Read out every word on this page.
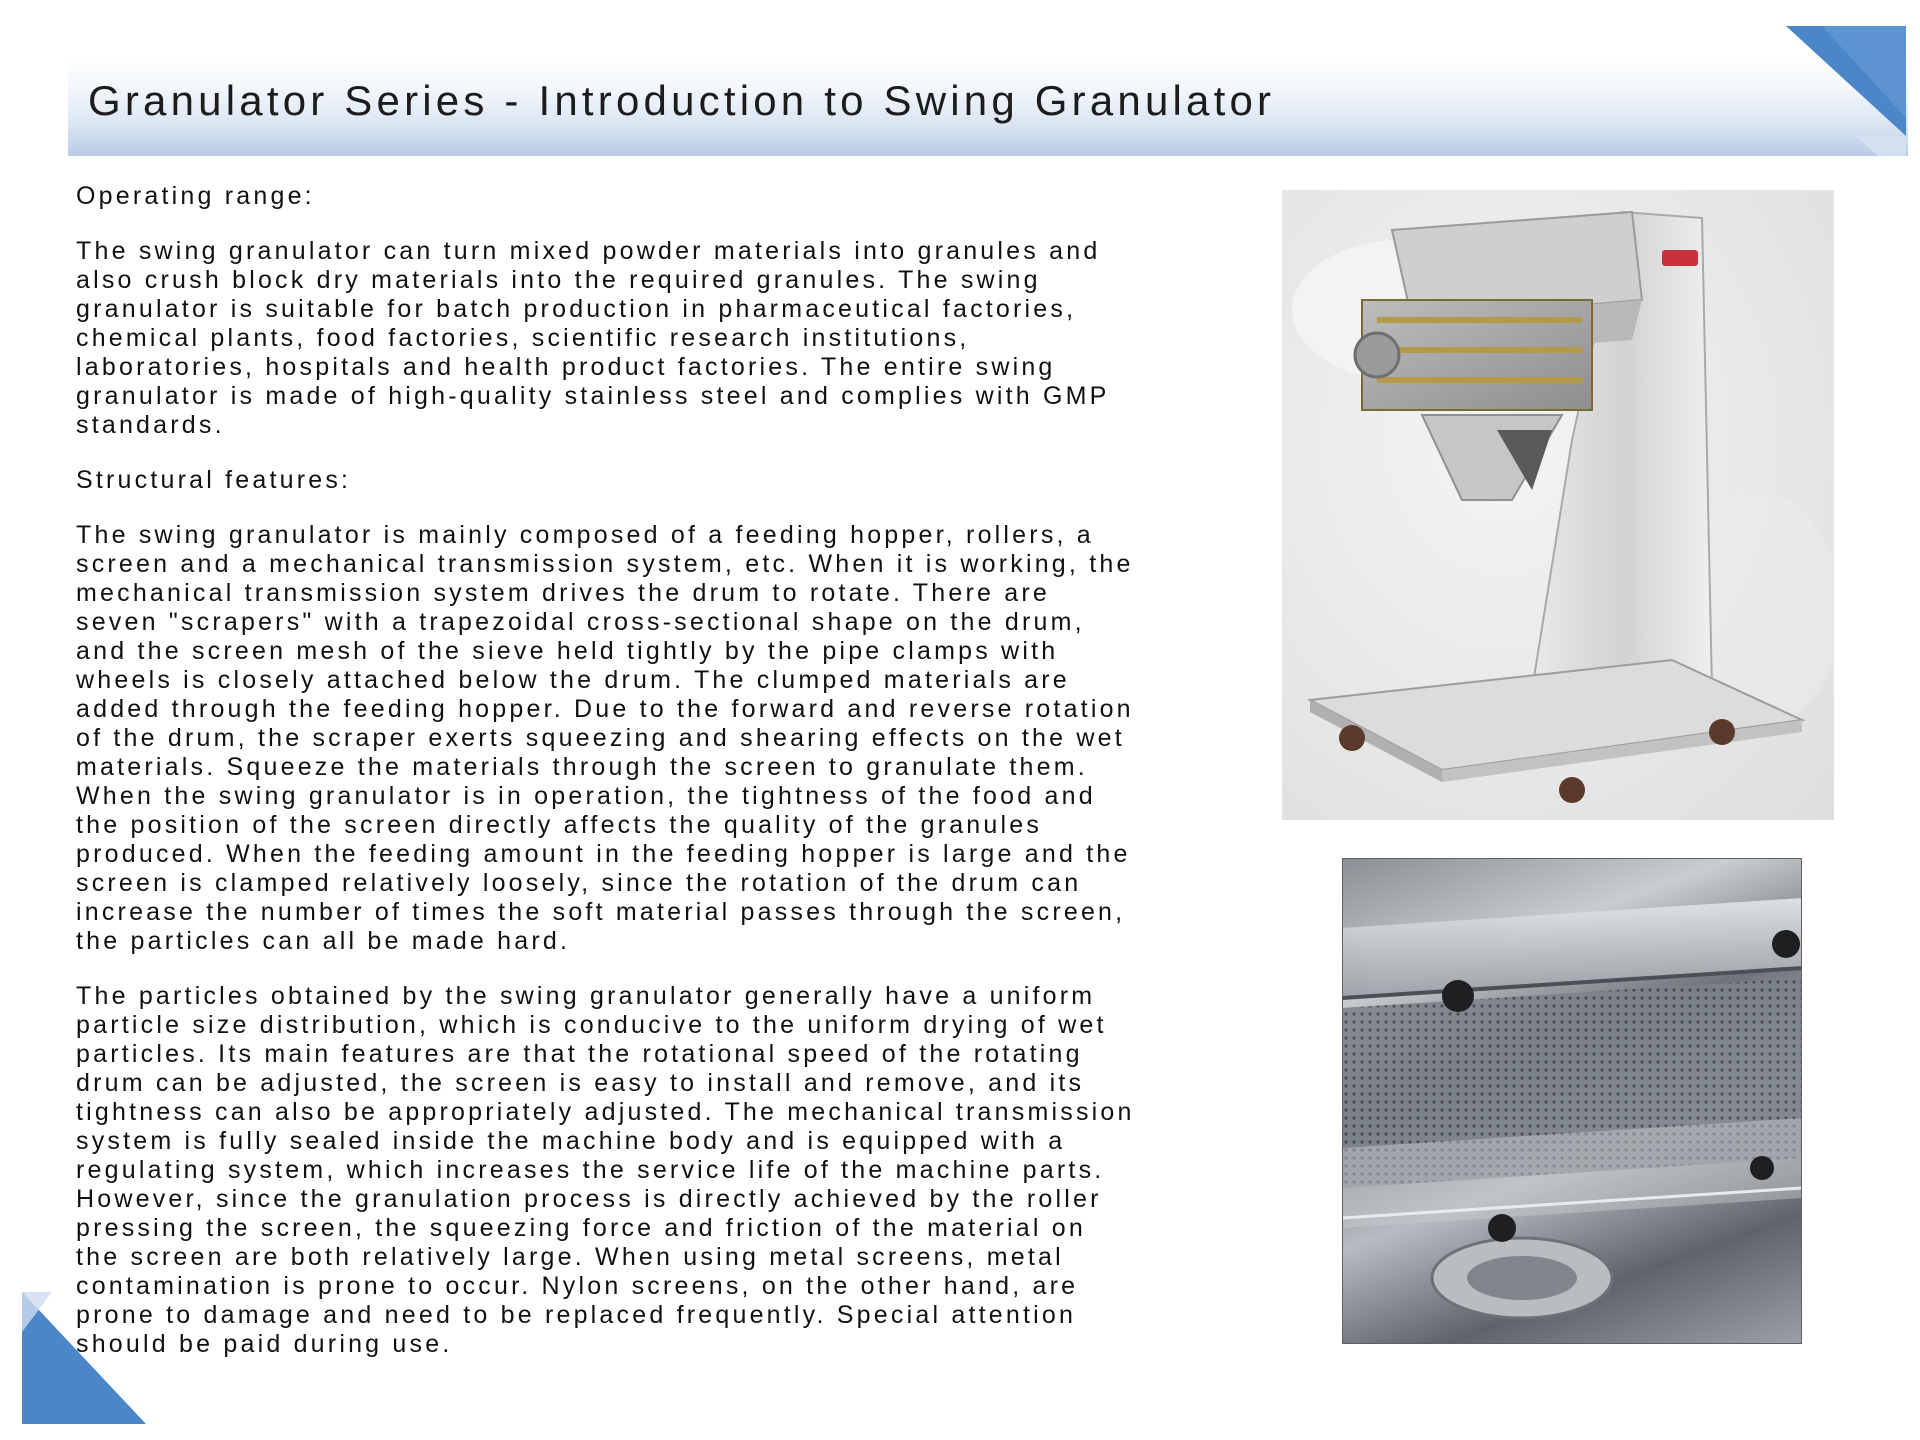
Granulator Series - Introduction to Swing Granulator
Operating range:
The swing granulator can turn mixed powder materials into granules and
also crush block dry materials into the required granules. The swing
granulator is suitable for batch production in pharmaceutical factories,
chemical plants, food factories, scientific research institutions,
laboratories, hospitals and health product factories. The entire swing
granulator is made of high-quality stainless steel and complies with GMP
standards.
Structural features:
The swing granulator is mainly composed of a feeding hopper, rollers, a
screen and a mechanical transmission system, etc. When it is working, the
mechanical transmission system drives the drum to rotate. There are
seven "scrapers" with a trapezoidal cross-sectional shape on the drum,
and the screen mesh of the sieve held tightly by the pipe clamps with
wheels is closely attached below the drum. The clumped materials are
added through the feeding hopper. Due to the forward and reverse rotation
of the drum, the scraper exerts squeezing and shearing effects on the wet
materials. Squeeze the materials through the screen to granulate them.
When the swing granulator is in operation, the tightness of the food and
the position of the screen directly affects the quality of the granules
produced. When the feeding amount in the feeding hopper is large and the
screen is clamped relatively loosely, since the rotation of the drum can
increase the number of times the soft material passes through the screen,
the particles can all be made hard.
The particles obtained by the swing granulator generally have a uniform
particle size distribution, which is conducive to the uniform drying of wet
particles. Its main features are that the rotational speed of the rotating
drum can be adjusted, the screen is easy to install and remove, and its
tightness can also be appropriately adjusted. The mechanical transmission
system is fully sealed inside the machine body and is equipped with a
regulating system, which increases the service life of the machine parts.
However, since the granulation process is directly achieved by the roller
pressing the screen, the squeezing force and friction of the material on
the screen are both relatively large. When using metal screens, metal
contamination is prone to occur. Nylon screens, on the other hand, are
prone to damage and need to be replaced frequently. Special attention
should be paid during use.
